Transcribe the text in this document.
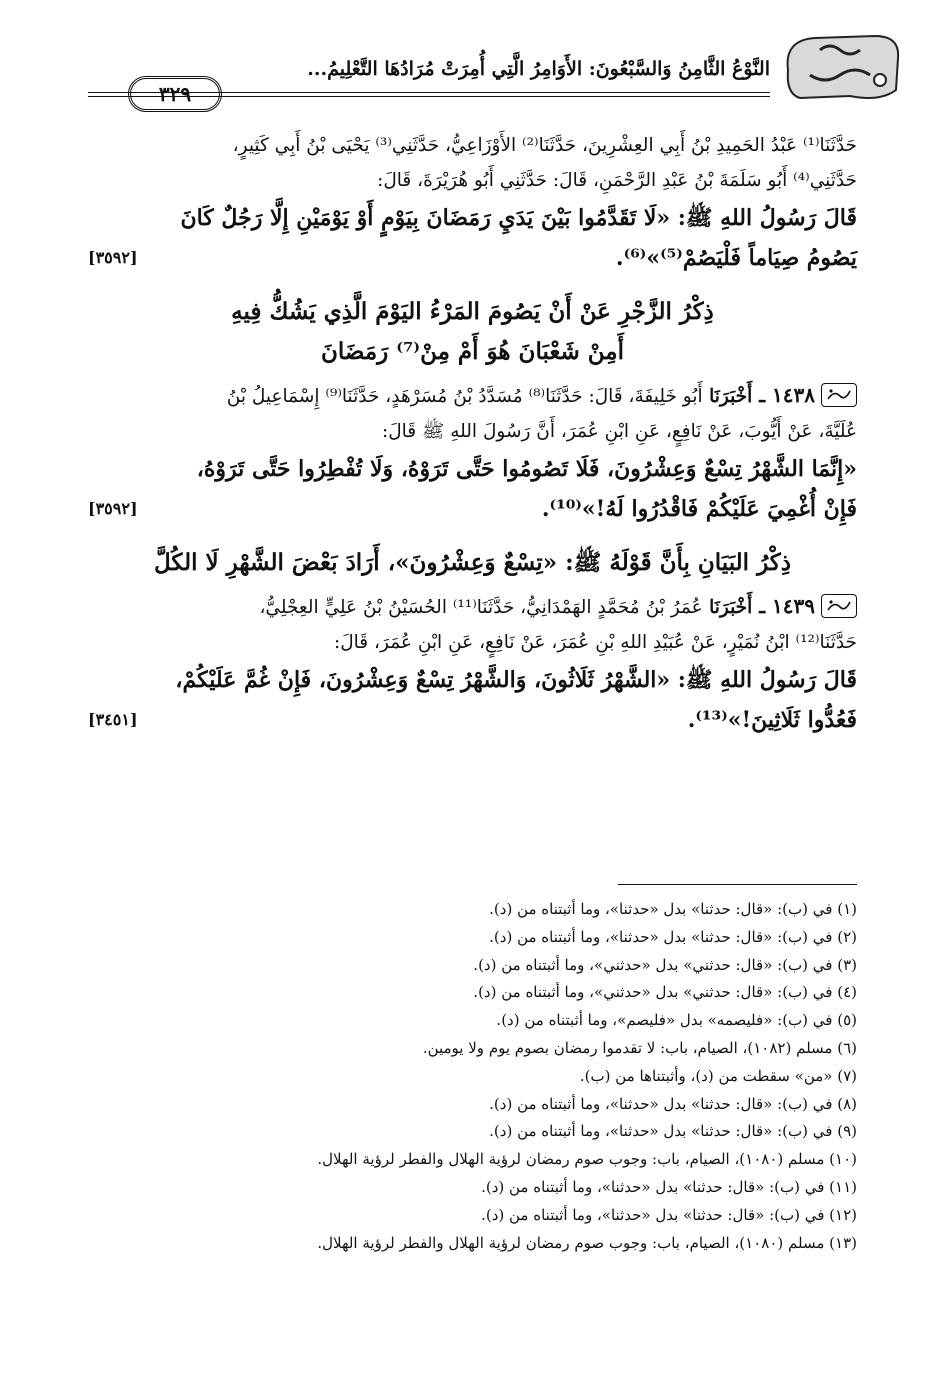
النَّوْعُ الثَّامِنُ وَالسَّبْعُونَ: الأَوَامِرُ الَّتِي أُمِرَتْ مُرَادُهَا التَّعْلِيمُ...
٣٢٩
حَدَّثَنَا⁽¹⁾ عَبْدُ الحَمِيدِ بْنُ أَبِي العِشْرِينَ، حَدَّثَنَا⁽²⁾ الأَوْزَاعِيُّ، حَدَّثَنِي⁽³⁾ يَحْيَى بْنُ أَبِي كَثِيرٍ،
حَدَّثَنِي⁽⁴⁾ أَبُو سَلَمَةَ بْنُ عَبْدِ الرَّحْمَنِ، قَالَ: حَدَّثَنِي أَبُو هُرَيْرَةَ، قَالَ:
قَالَ رَسُولُ اللهِ ﷺ: «لَا تَقَدَّمُوا بَيْنَ يَدَيِ رَمَضَانَ بِيَوْمٍ أَوْ يَوْمَيْنِ إِلَّا رَجُلٌ كَانَ
يَصُومُ صِيَاماً فَلْيَصُمْ⁽⁵⁾»⁽⁶⁾.
[٣٥٩٢]
ذِكْرُ الزَّجْرِ عَنْ أَنْ يَصُومَ المَرْءُ اليَوْمَ الَّذِي يَشُكُّ فِيهِ
أَمِنْ شَعْبَانَ هُوَ أَمْ مِنْ⁽⁷⁾ رَمَضَانَ
١٤٣٨ ـ أَخْبَرَنَا أَبُو خَلِيفَةَ، قَالَ: حَدَّثَنَا⁽⁸⁾ مُسَدَّدُ بْنُ مُسَرْهَدٍ، حَدَّثَنَا⁽⁹⁾ إِسْمَاعِيلُ بْنُ
عُلَيَّةَ، عَنْ أَيُّوبَ، عَنْ نَافِعٍ، عَنِ ابْنِ عُمَرَ، أَنَّ رَسُولَ اللهِ ﷺ قَالَ:
«إِنَّمَا الشَّهْرُ تِسْعٌ وَعِشْرُونَ، فَلَا تَصُومُوا حَتَّى تَرَوْهُ، وَلَا تُفْطِرُوا حَتَّى تَرَوْهُ،
فَإِنْ أُغْمِيَ عَلَيْكُمْ فَاقْدُرُوا لَهُ!»⁽¹⁰⁾.
[٣٥٩٢]
ذِكْرُ البَيَانِ بِأَنَّ قَوْلَهُ ﷺ: «تِسْعٌ وَعِشْرُونَ»، أَرَادَ بَعْضَ الشَّهْرِ لَا الكُلَّ
١٤٣٩ ـ أَخْبَرَنَا عُمَرُ بْنُ مُحَمَّدٍ الهَمْدَانِيُّ، حَدَّثَنَا⁽¹¹⁾ الحُسَيْنُ بْنُ عَلِيٍّ العِجْلِيُّ،
حَدَّثَنَا⁽¹²⁾ ابْنُ نُمَيْرٍ، عَنْ عُبَيْدِ اللهِ بْنِ عُمَرَ، عَنْ نَافِعٍ، عَنِ ابْنِ عُمَرَ، قَالَ:
قَالَ رَسُولُ اللهِ ﷺ: «الشَّهْرُ ثَلَاثُونَ، وَالشَّهْرُ تِسْعٌ وَعِشْرُونَ، فَإِنْ غُمَّ عَلَيْكُمْ،
فَعُدُّوا ثَلَاثِينَ!»⁽¹³⁾.
[٣٤٥١]
(١) في (ب): «قال: حدثنا» بدل «حدثنا»، وما أثبتناه من (د).
(٢) في (ب): «قال: حدثنا» بدل «حدثنا»، وما أثبتناه من (د).
(٣) في (ب): «قال: حدثني» بدل «حدثني»، وما أثبتناه من (د).
(٤) في (ب): «قال: حدثني» بدل «حدثني»، وما أثبتناه من (د).
(٥) في (ب): «فليصمه» بدل «فليصم»، وما أثبتناه من (د).
(٦) مسلم (١٠٨٢)، الصيام، باب: لا تقدموا رمضان بصوم يوم ولا يومين.
(٧) «من» سقطت من (د)، وأثبتناها من (ب).
(٨) في (ب): «قال: حدثنا» بدل «حدثنا»، وما أثبتناه من (د).
(٩) في (ب): «قال: حدثنا» بدل «حدثنا»، وما أثبتناه من (د).
(١٠) مسلم (١٠٨٠)، الصيام، باب: وجوب صوم رمضان لرؤية الهلال والفطر لرؤية الهلال.
(١١) في (ب): «قال: حدثنا» بدل «حدثنا»، وما أثبتناه من (د).
(١٢) في (ب): «قال: حدثنا» بدل «حدثنا»، وما أثبتناه من (د).
(١٣) مسلم (١٠٨٠)، الصيام، باب: وجوب صوم رمضان لرؤية الهلال والفطر لرؤية الهلال.
